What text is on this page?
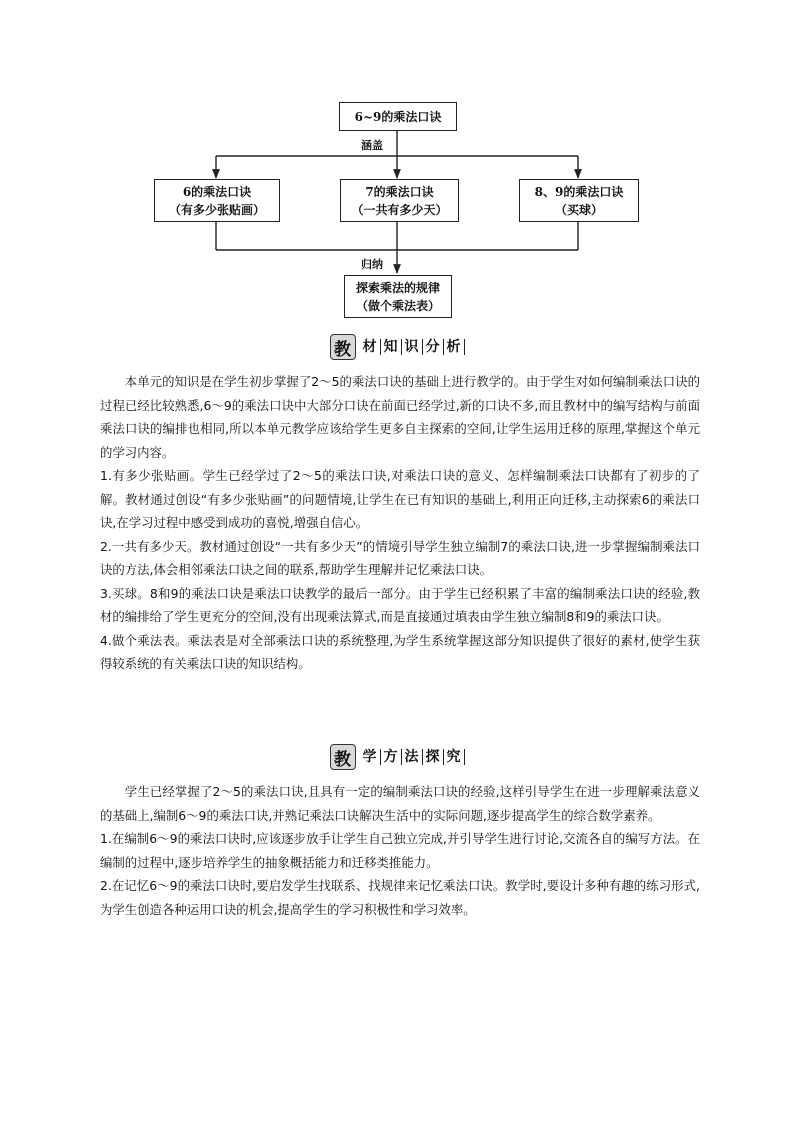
6~9的乘法口诀
涵盖
6的乘法口诀
（有多少张贴画）
7的乘法口诀
（一共有多少天）
8、9的乘法口诀
（买球）
归纳
探索乘法的规律
（做个乘法表）
教 材 知 识 分 析

本单元的知识是在学生初步掌握了2～5的乘法口诀的基础上进行教学的。由于学生对如何编制乘法口诀的过程已经比较熟悉,6～9的乘法口诀中大部分口诀在前面已经学过,新的口诀不多,而且教材中的编写结构与前面乘法口诀的编排也相同,所以本单元教学应该给学生更多自主探索的空间,让学生运用迁移的原理,掌握这个单元的学习内容。

1.有多少张贴画。学生已经学过了2～5的乘法口诀,对乘法口诀的意义、怎样编制乘法口诀都有了初步的了解。教材通过创设“有多少张贴画”的问题情境,让学生在已有知识的基础上,利用正向迁移,主动探索6的乘法口诀,在学习过程中感受到成功的喜悦,增强自信心。

2.一共有多少天。教材通过创设“一共有多少天”的情境引导学生独立编制7的乘法口诀,进一步掌握编制乘法口诀的方法,体会相邻乘法口诀之间的联系,帮助学生理解并记忆乘法口诀。

3.买球。8和9的乘法口诀是乘法口诀教学的最后一部分。由于学生已经积累了丰富的编制乘法口诀的经验,教材的编排给了学生更充分的空间,没有出现乘法算式,而是直接通过填表由学生独立编制8和9的乘法口诀。

4.做个乘法表。乘法表是对全部乘法口诀的系统整理,为学生系统掌握这部分知识提供了很好的素材,使学生获得较系统的有关乘法口诀的知识结构。

教 学 方 法 探 究

学生已经掌握了2～5的乘法口诀,且具有一定的编制乘法口诀的经验,这样引导学生在进一步理解乘法意义的基础上,编制6～9的乘法口诀,并熟记乘法口诀解决生活中的实际问题,逐步提高学生的综合数学素养。

1.在编制6～9的乘法口诀时,应该逐步放手让学生自己独立完成,并引导学生进行讨论,交流各自的编写方法。在编制的过程中,逐步培养学生的抽象概括能力和迁移类推能力。

2.在记忆6～9的乘法口诀时,要启发学生找联系、找规律来记忆乘法口诀。教学时,要设计多种有趣的练习形式,为学生创造各种运用口诀的机会,提高学生的学习积极性和学习效率。
